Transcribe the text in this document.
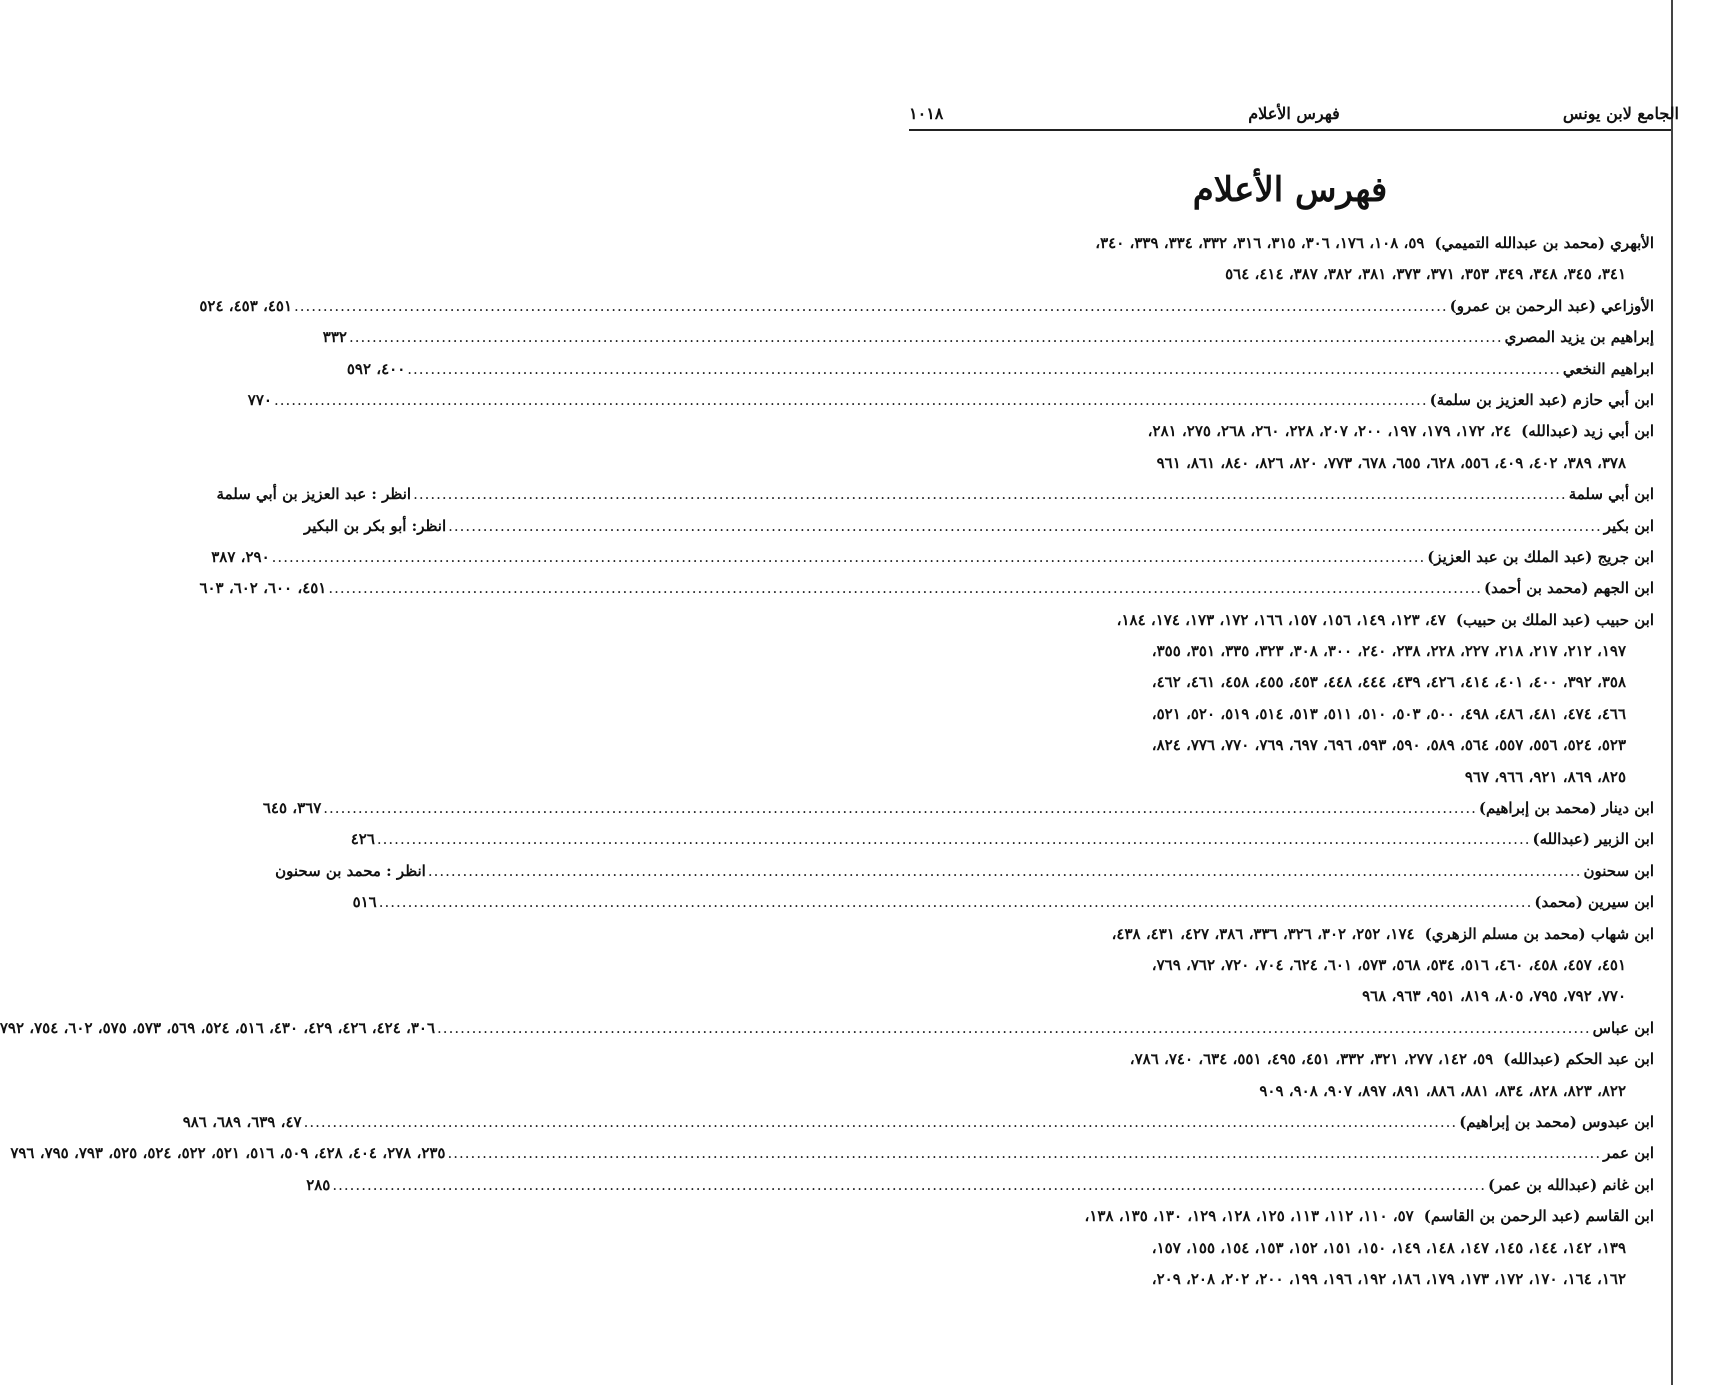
الجامع لابن يونس
فهرس الأعلام
١٠١٨
فهرس الأعلام
الأبهري (محمد بن عبدالله التميمي)
٥٩، ١٠٨، ١٧٦، ٣٠٦، ٣١٥، ٣١٦، ٣٣٢، ٣٣٤، ٣٣٩، ٣٤٠،
٣٤١، ٣٤٥، ٣٤٨، ٣٤٩، ٣٥٣، ٣٧١، ٣٧٣، ٣٨١، ٣٨٢، ٣٨٧، ٤١٤، ٥٦٤
الأوزاعي (عبد الرحمن بن عمرو)
........................................................................................................................................................................................................
٤٥١، ٤٥٣، ٥٢٤
إبراهيم بن يزيد المصري
........................................................................................................................................................................................................
٣٣٢
ابراهيم النخعي
........................................................................................................................................................................................................
٤٠٠، ٥٩٢
ابن أبي حازم (عبد العزيز بن سلمة)
........................................................................................................................................................................................................
٧٧٠
ابن أبي زيد (عبدالله)
٢٤، ١٧٢، ١٧٩، ١٩٧، ٢٠٠، ٢٠٧، ٢٢٨، ٢٦٠، ٢٦٨، ٢٧٥، ٢٨١،
٣٧٨، ٣٨٩، ٤٠٢، ٤٠٩، ٥٥٦، ٦٢٨، ٦٥٥، ٦٧٨، ٧٧٣، ٨٢٠، ٨٢٦، ٨٤٠، ٨٦١، ٩٦١
ابن أبي سلمة
........................................................................................................................................................................................................
انظر : عبد العزيز بن أبي سلمة
ابن بكير
........................................................................................................................................................................................................
انظر: أبو بكر بن البكير
ابن جريج (عبد الملك بن عبد العزيز)
........................................................................................................................................................................................................
٢٩٠، ٣٨٧
ابن الجهم (محمد بن أحمد)
........................................................................................................................................................................................................
٤٥١، ٦٠٠، ٦٠٢، ٦٠٣
ابن حبيب (عبد الملك بن حبيب)
٤٧، ١٢٣، ١٤٩، ١٥٦، ١٥٧، ١٦٦، ١٧٢، ١٧٣، ١٧٤، ١٨٤،
١٩٧، ٢١٢، ٢١٧، ٢١٨، ٢٢٧، ٢٢٨، ٢٣٨، ٢٤٠، ٣٠٠، ٣٠٨، ٣٢٣، ٣٣٥، ٣٥١، ٣٥٥،
٣٥٨، ٣٩٢، ٤٠٠، ٤٠١، ٤١٤، ٤٢٦، ٤٣٩، ٤٤٤، ٤٤٨، ٤٥٣، ٤٥٥، ٤٥٨، ٤٦١، ٤٦٢،
٤٦٦، ٤٧٤، ٤٨١، ٤٨٦، ٤٩٨، ٥٠٠، ٥٠٣، ٥١٠، ٥١١، ٥١٣، ٥١٤، ٥١٩، ٥٢٠، ٥٢١،
٥٢٣، ٥٢٤، ٥٥٦، ٥٥٧، ٥٦٤، ٥٨٩، ٥٩٠، ٥٩٣، ٦٩٦، ٦٩٧، ٧٦٩، ٧٧٠، ٧٧٦، ٨٢٤،
٨٢٥، ٨٦٩، ٩٢١، ٩٦٦، ٩٦٧
ابن دينار (محمد بن إبراهيم)
........................................................................................................................................................................................................
٣٦٧، ٦٤٥
ابن الزبير (عبدالله)
........................................................................................................................................................................................................
٤٢٦
ابن سحنون
........................................................................................................................................................................................................
انظر : محمد بن سحنون
ابن سيرين (محمد)
........................................................................................................................................................................................................
٥١٦
ابن شهاب (محمد بن مسلم الزهري)
١٧٤، ٢٥٢، ٣٠٢، ٣٢٦، ٣٣٦، ٣٨٦، ٤٢٧، ٤٣١، ٤٣٨،
٤٥١، ٤٥٧، ٤٥٨، ٤٦٠، ٥١٦، ٥٣٤، ٥٦٨، ٥٧٣، ٦٠١، ٦٢٤، ٧٠٤، ٧٢٠، ٧٦٢، ٧٦٩،
٧٧٠، ٧٩٢، ٧٩٥، ٨٠٥، ٨١٩، ٩٥١، ٩٦٣، ٩٦٨
ابن عباس
........................................................................................................................................................................................................
٣٠٦، ٤٢٤، ٤٢٦، ٤٢٩، ٤٣٠، ٥١٦، ٥٢٤، ٥٦٩، ٥٧٣، ٥٧٥، ٦٠٢، ٧٥٤، ٧٩٢
ابن عبد الحكم (عبدالله)
٥٩، ١٤٢، ٢٧٧، ٣٢١، ٣٣٢، ٤٥١، ٤٩٥، ٥٥١، ٦٣٤، ٧٤٠، ٧٨٦،
٨٢٢، ٨٢٣، ٨٢٨، ٨٣٤، ٨٨١، ٨٨٦، ٨٩١، ٨٩٧، ٩٠٧، ٩٠٨، ٩٠٩
ابن عبدوس (محمد بن إبراهيم)
........................................................................................................................................................................................................
٤٧، ٦٣٩، ٦٨٩، ٩٨٦
ابن عمر
........................................................................................................................................................................................................
٢٣٥، ٢٧٨، ٤٠٤، ٤٢٨، ٥٠٩، ٥١٦، ٥٢١، ٥٢٢، ٥٢٤، ٥٢٥، ٧٩٣، ٧٩٥، ٧٩٦
ابن غانم (عبدالله بن عمر)
........................................................................................................................................................................................................
٢٨٥
ابن القاسم (عبد الرحمن بن القاسم)
٥٧، ١١٠، ١١٢، ١١٣، ١٢٥، ١٢٨، ١٢٩، ١٣٠، ١٣٥، ١٣٨،
١٣٩، ١٤٢، ١٤٤، ١٤٥، ١٤٧، ١٤٨، ١٤٩، ١٥٠، ١٥١، ١٥٢، ١٥٣، ١٥٤، ١٥٥، ١٥٧،
١٦٢، ١٦٤، ١٧٠، ١٧٢، ١٧٣، ١٧٩، ١٨٦، ١٩٢، ١٩٦، ١٩٩، ٢٠٠، ٢٠٢، ٢٠٨، ٢٠٩،
